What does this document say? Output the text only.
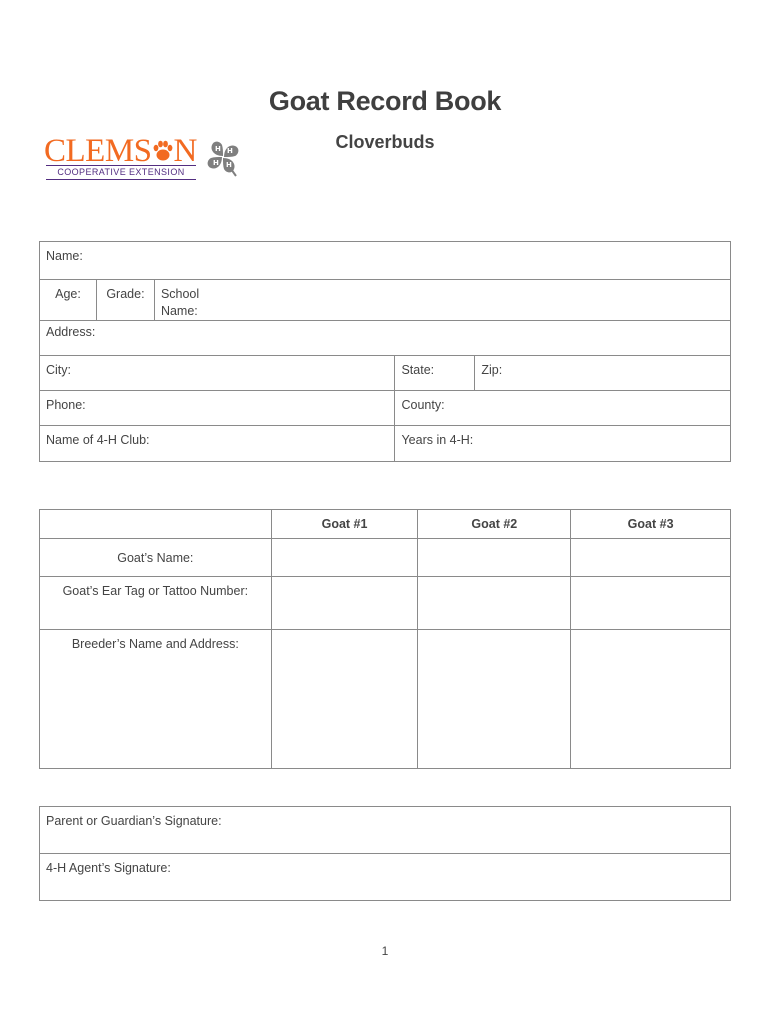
Goat Record Book
Cloverbuds
CLEMS N
COOPERATIVE EXTENSION
H H
H
H
Name:				

Age:	Grade:	School Name:		

Address:				

City:			State:	Zip:

Phone:			County:	

Name of 4-H Club:			Years in 4-H:	

	Goat #1	Goat #2	Goat #3

Goat’s Name:			

Goat’s Ear Tag or Tattoo Number:			

Breeder’s Name and Address:			

Parent or Guardian’s Signature:

4-H Agent’s Signature:
1
